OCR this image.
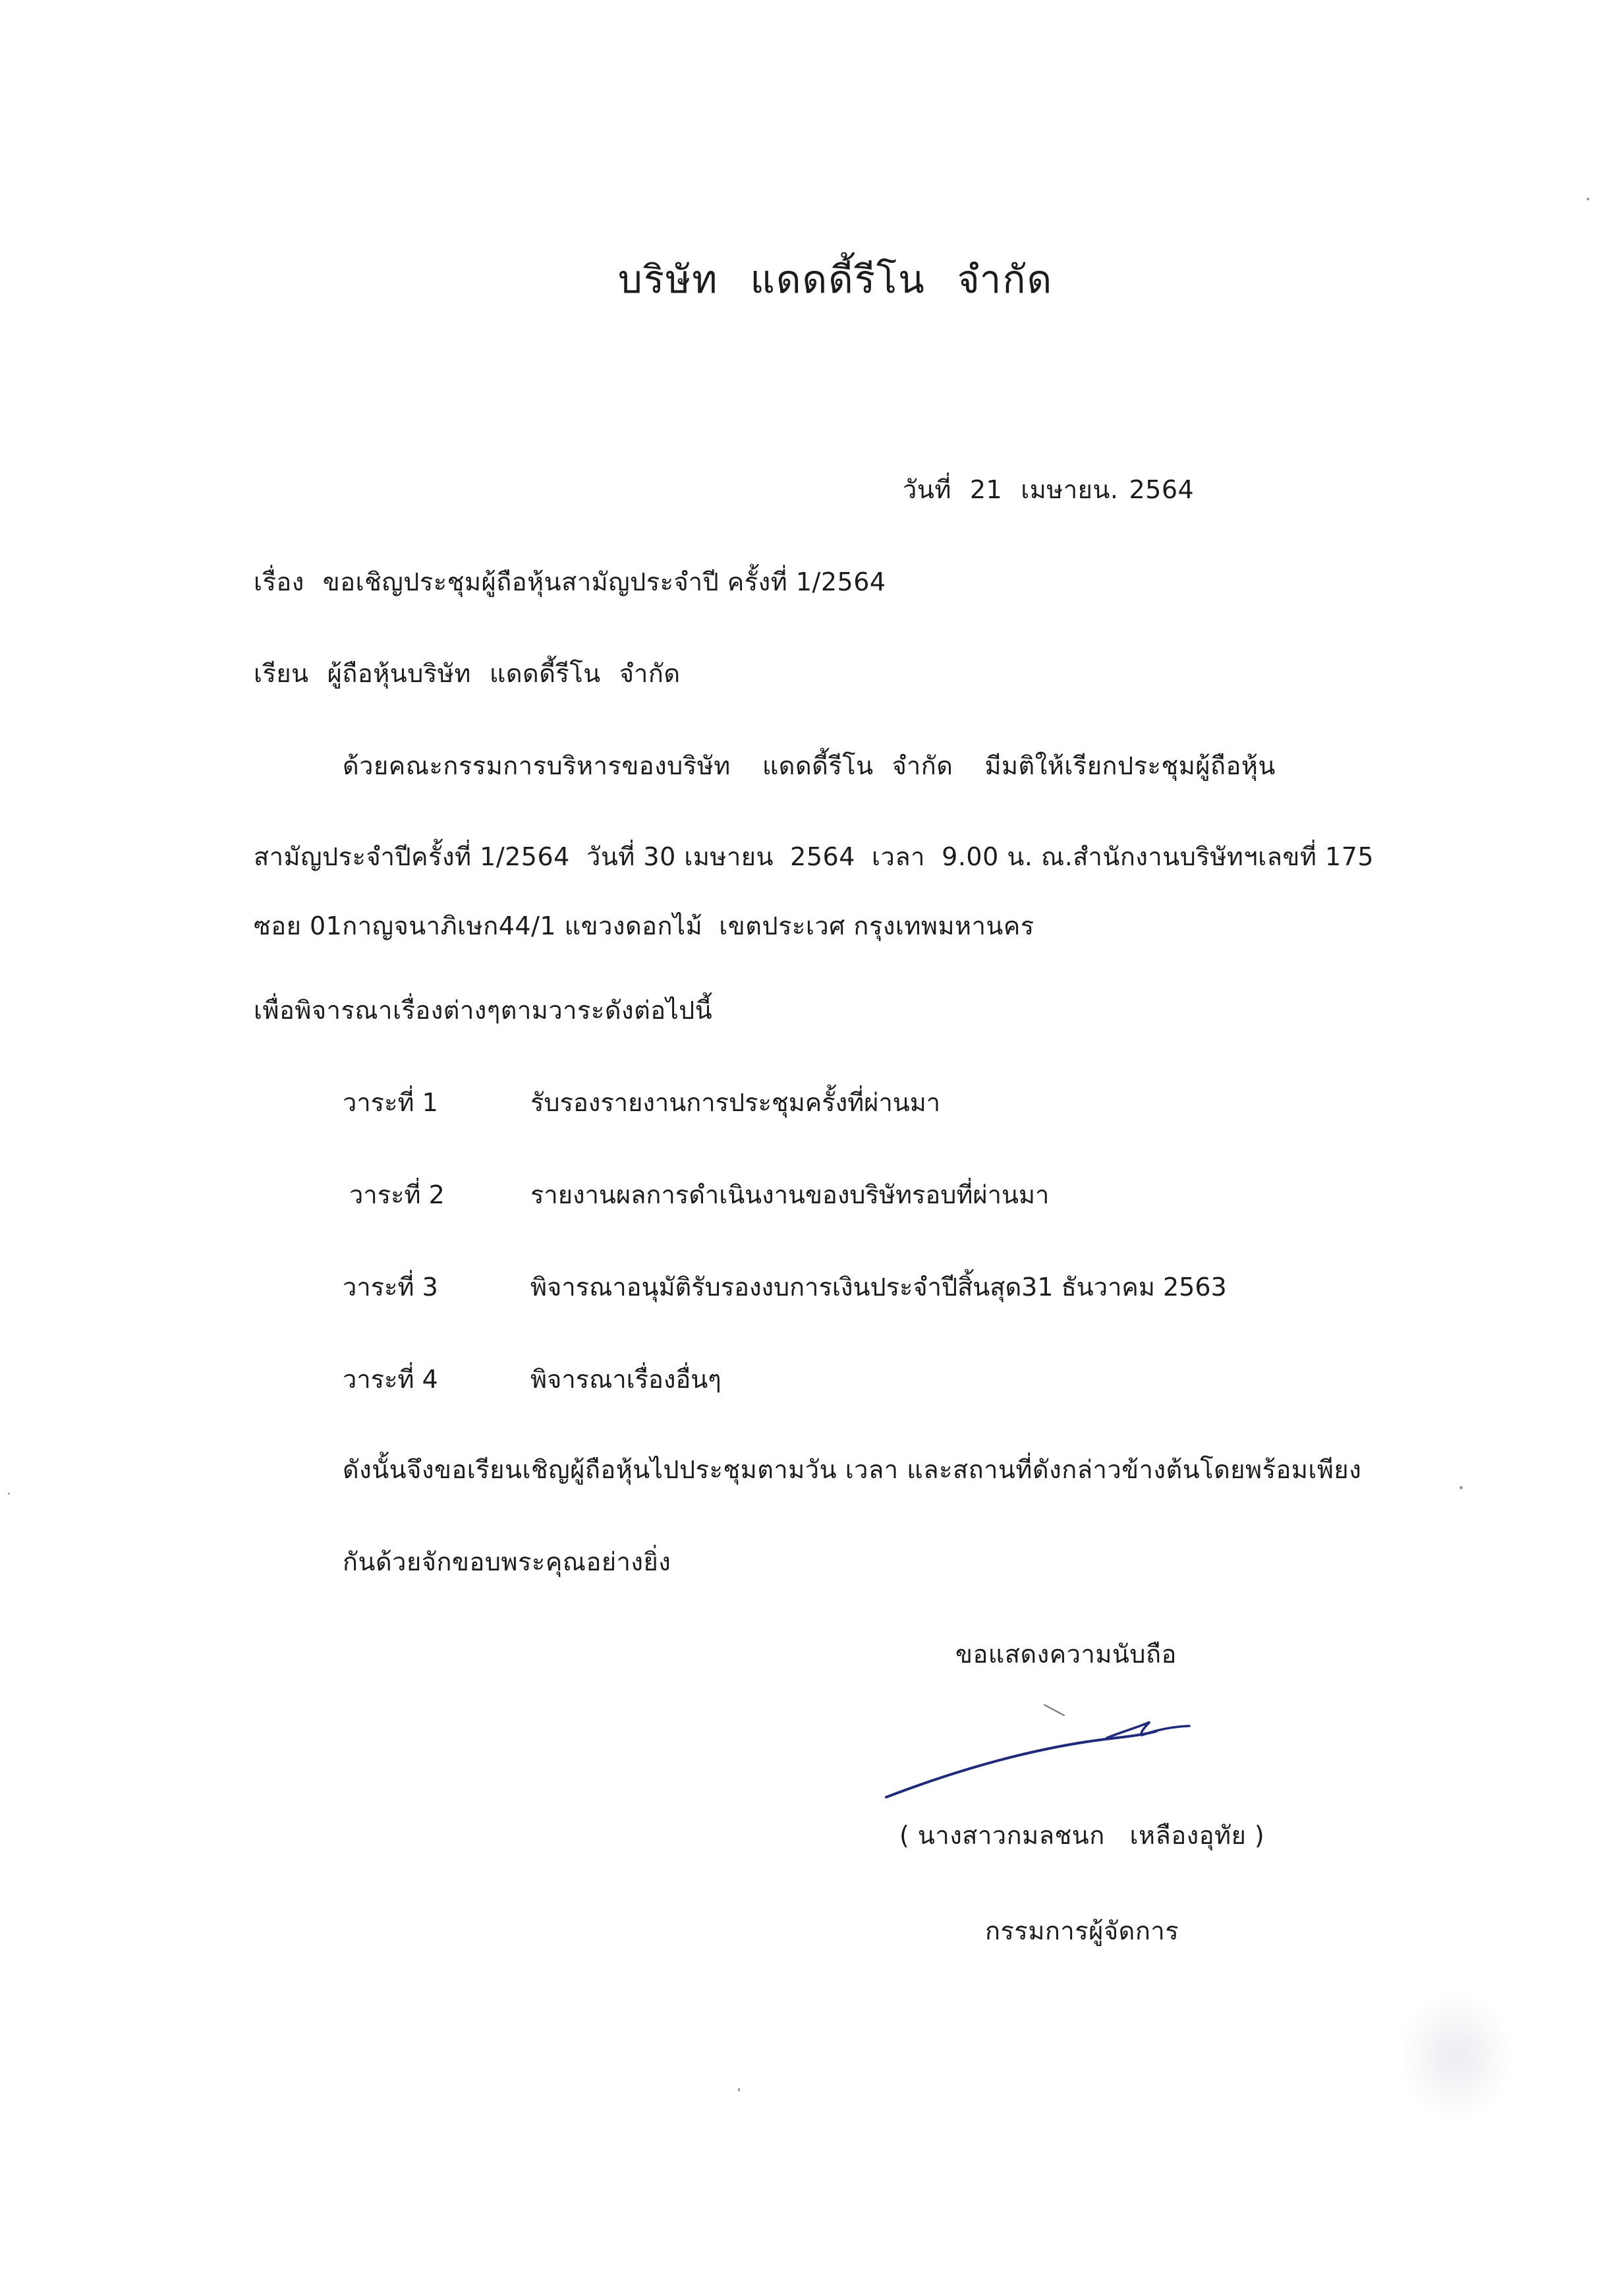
บริษัท แดดดี้รีโน จำกัด
วันที่ 21 เมษายน. 2564
เรื่อง ขอเชิญประชุมผู้ถือหุ้นสามัญประจำปี ครั้งที่ 1/2564
เรียน ผู้ถือหุ้นบริษัท แดดดี้รีโน จำกัด
ด้วยคณะกรรมการบริหารของบริษัท แดดดี้รีโน จำกัด มีมติให้เรียกประชุมผู้ถือหุ้น
สามัญประจำปีครั้งที่ 1/2564  วันที่ 30 เมษายน  2564  เวลา  9.00 น. ณ.สำนักงานบริษัทฯเลขที่ 175
ซอย 01กาญจนาภิเษก44/1 แขวงดอกไม้  เขตประเวศ กรุงเทพมหานคร
เพื่อพิจารณาเรื่องต่างๆตามวาระดังต่อไปนี้
วาระที่ 1	รับรองรายงานการประชุมครั้งที่ผ่านมา
วาระที่ 2	รายงานผลการดำเนินงานของบริษัทรอบที่ผ่านมา
วาระที่ 3	พิจารณาอนุมัติรับรองงบการเงินประจำปีสิ้นสุด31 ธันวาคม 2563
วาระที่ 4	พิจารณาเรื่องอื่นๆ
ดังนั้นจึงขอเรียนเชิญผู้ถือหุ้นไปประชุมตามวัน เวลา และสถานที่ดังกล่าวข้างต้นโดยพร้อมเพียง
กันด้วยจักขอบพระคุณอย่างยิ่ง
ขอแสดงความนับถือ
( นางสาวกมลชนก   เหลืองอุทัย )
กรรมการผู้จัดการ
